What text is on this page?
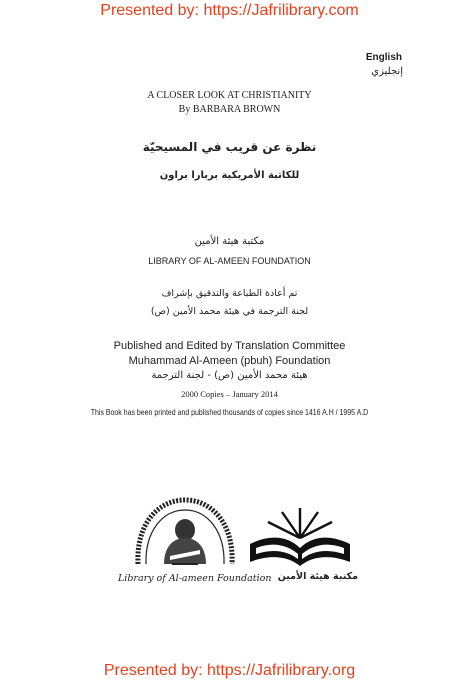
Presented by: https://Jafrilibrary.com
English
إنجليزي
A CLOSER LOOK AT CHRISTIANITY
By BARBARA BROWN
نظرة عن قريب في المسيحيّة
للكاتبة الأمريكية بربارا براون
مكتبة هيئة الأمين
LIBRARY OF AL-AMEEN FOUNDATION
تم أعادة الطباعة والتدقيق بإشراف
لجنة الترجمة في هيئة محمد الأمين (ص)
Published and Edited by Translation Committee
Muhammad Al-Ameen (pbuh) Foundation
هيئة محمد الأمين (ص) - لجنة الترجمة
2000 Copies – January 2014
This Book has been printed and published thousands of copies since 1416 A.H / 1995 A.D
Library of Al-ameen Foundation مكتبة هيئة الأمين
Presented by: https://Jafrilibrary.org
